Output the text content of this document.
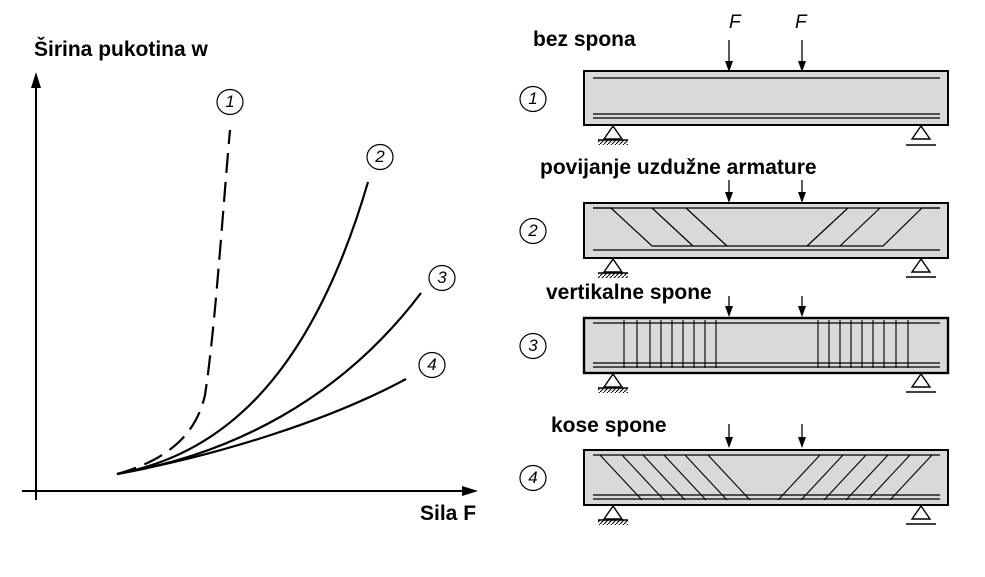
Širina pukotina w
Sila F
1
2
3
4
bez spona
povijanje uzdužne armature
vertikalne spone
kose spone
F	F
1
2
3
4
